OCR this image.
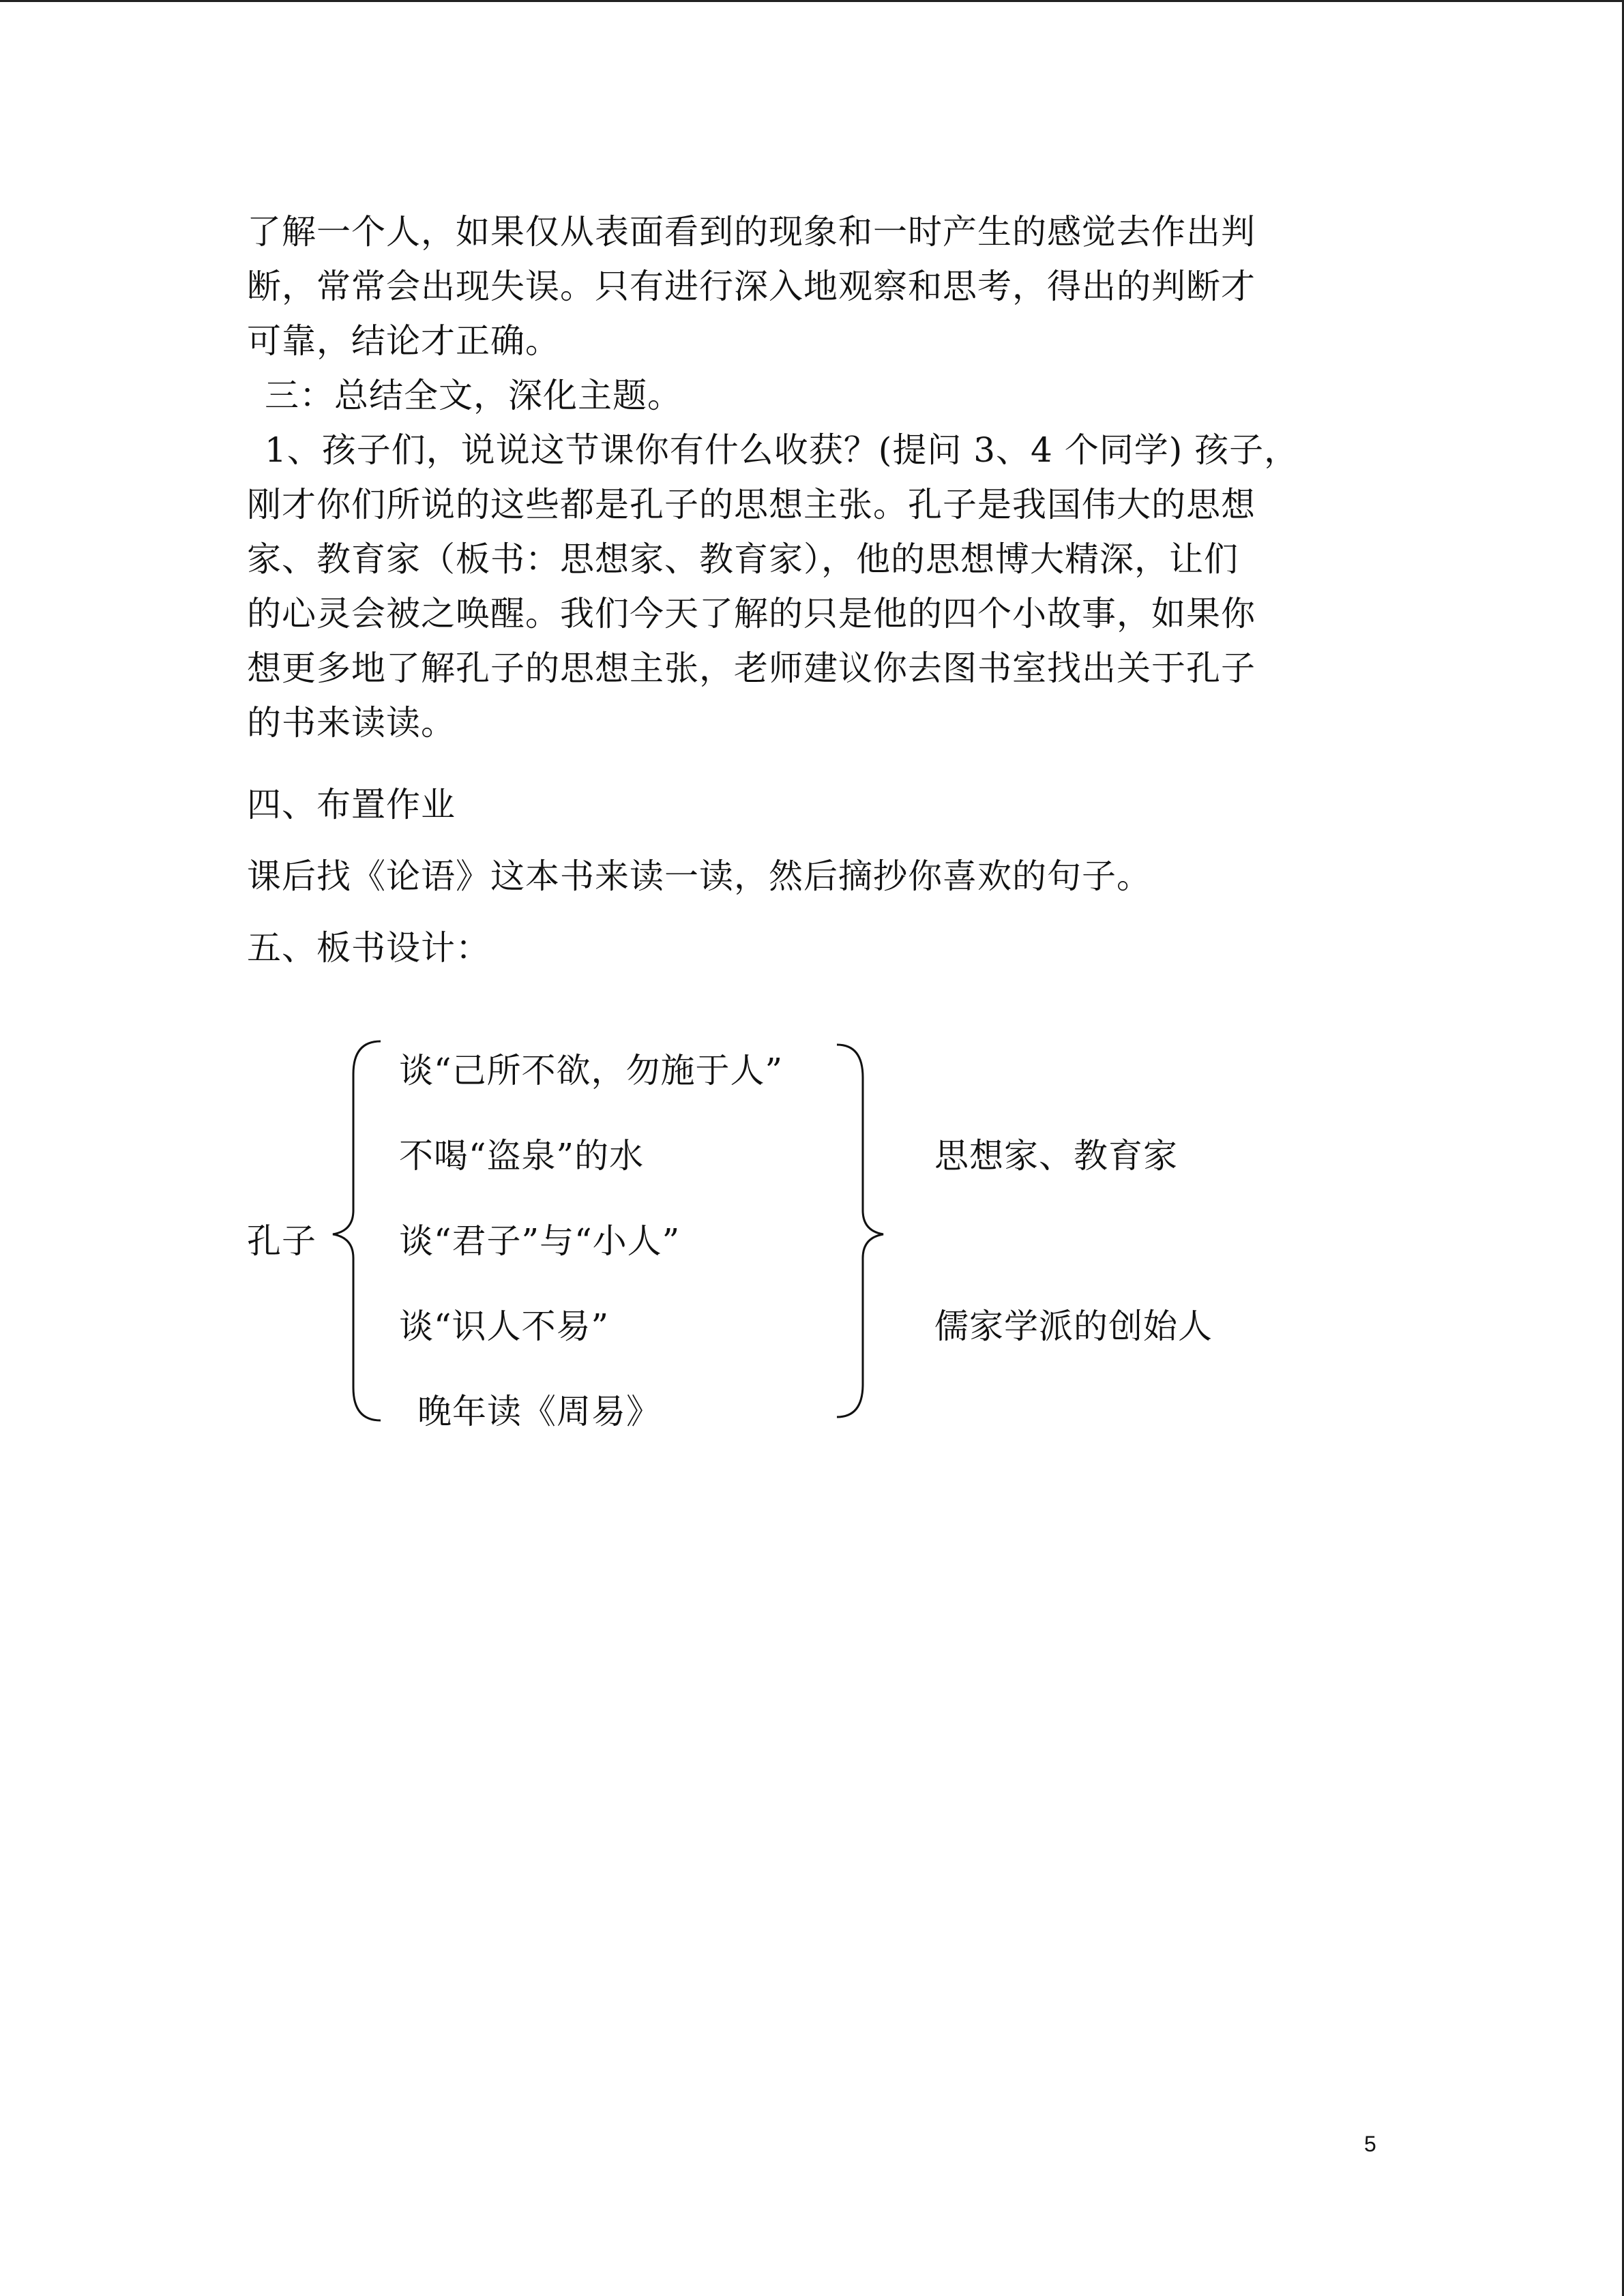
了解一个人，如果仅从表面看到的现象和一时产生的感觉去作出判
断，常常会出现失误。只有进行深入地观察和思考，得出的判断才
可靠，结论才正确。
三：总结全文，深化主题。
1、孩子们，说说这节课你有什么收获？(提问 3、4 个同学) 孩子，
刚才你们所说的这些都是孔子的思想主张。孔子是我国伟大的思想
家、教育家（板书：思想家、教育家），他的思想博大精深，让们
的心灵会被之唤醒。我们今天了解的只是他的四个小故事，如果你
想更多地了解孔子的思想主张，老师建议你去图书室找出关于孔子
的书来读读。
四、布置作业
课后找《论语》这本书来读一读，然后摘抄你喜欢的句子。
五、板书设计：
孔子
谈“己所不欲，勿施于人”
不喝“盗泉”的水
谈“君子”与“小人”
谈“识人不易”
晚年读《周易》
思想家、教育家
儒家学派的创始人
5
